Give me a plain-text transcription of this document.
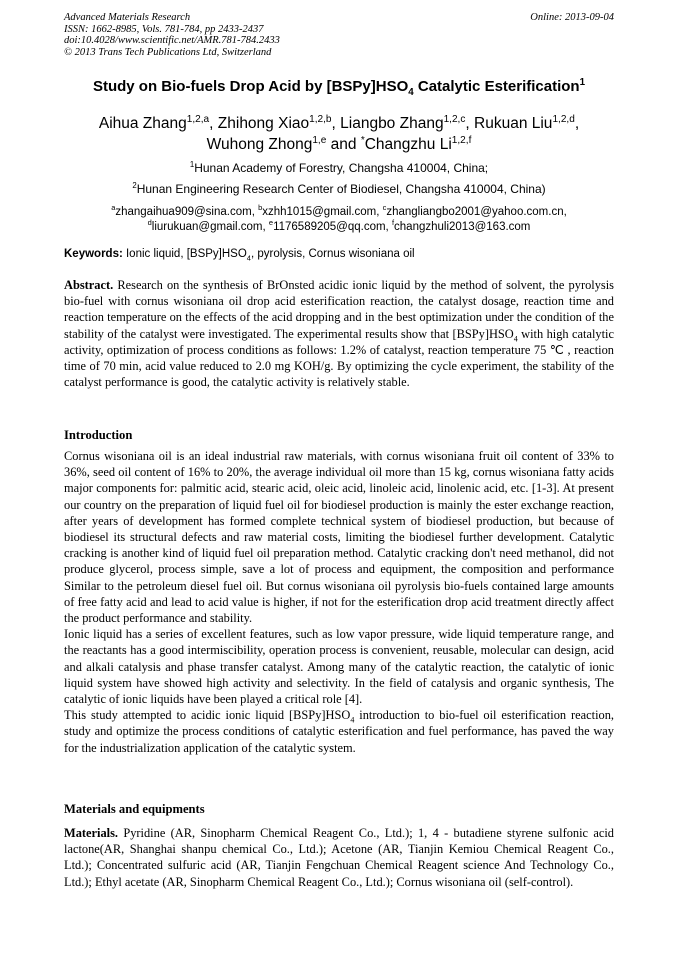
Advanced Materials Research
ISSN: 1662-8985, Vols. 781-784, pp 2433-2437
doi:10.4028/www.scientific.net/AMR.781-784.2433
© 2013 Trans Tech Publications Ltd, Switzerland
Online: 2013-09-04
Study on Bio-fuels Drop Acid by $[BSPy]HSO_4$ Catalytic Esterification$^1$
Aihua Zhang$^{1,2,a}$, Zhihong Xiao$^{1,2,b}$, Liangbo Zhang$^{1,2,c}$, Rukuan Liu$^{1,2,d}$,
Wuhong Zhong$^{1,e}$ and *Changzhu Li$^{1,2,f}$
$^1$Hunan Academy of Forestry, Changsha 410004, China;
$^2$Hunan Engineering Research Center of Biodiesel, Changsha 410004, China)
$^a$zhangaihua909@sina.com, $^b$xzhh1015@gmail.com, $^c$zhangliangbo2001@yahoo.com.cn,
$^d$liurukuan@gmail.com, $^e$1176589205@qq.com, $^f$changzhuli2013@163.com
Keywords: Ionic liquid, $[BSPy]HSO_4$, pyrolysis, Cornus wisoniana oil

Abstract. Research on the synthesis of BrOnsted acidic ionic liquid by the method of solvent, the pyrolysis bio-fuel with cornus wisoniana oil drop acid esterification reaction, the catalyst dosage, reaction time and reaction temperature on the effects of the acid dropping and in the best optimization under the condition of the stability of the catalyst were investigated. The experimental results show that $[BSPy]HSO_4$ with high catalytic activity, optimization of process conditions as follows: 1.2% of catalyst, reaction temperature 75 ℃ , reaction time of 70 min, acid value reduced to 2.0 mg KOH/g. By optimizing the cycle experiment, the stability of the catalyst performance is good, the catalytic activity is relatively stable.

Introduction

Cornus wisoniana oil is an ideal industrial raw materials, with cornus wisoniana fruit oil content of 33% to 36%, seed oil content of 16% to 20%, the average individual oil more than 15 kg, cornus wisoniana fatty acids major components for: palmitic acid, stearic acid, oleic acid, linoleic acid, linolenic acid, etc. [1-3]. At present our country on the preparation of liquid fuel oil for biodiesel production is mainly the ester exchange reaction, after years of development has formed complete technical system of biodiesel production, but because of biodiesel its structural defects and raw material costs, limiting the biodiesel further development. Catalytic cracking is another kind of liquid fuel oil preparation method. Catalytic cracking don't need methanol, did not produce glycerol, process simple, save a lot of process and equipment, the composition and performance Similar to the petroleum diesel fuel oil. But cornus wisoniana oil pyrolysis bio-fuels contained large amounts of free fatty acid and lead to acid value is higher, if not for the esterification drop acid treatment directly affect the product performance and stability.

Ionic liquid has a series of excellent features, such as low vapor pressure, wide liquid temperature range, and the reactants has a good intermiscibility, operation process is convenient, reusable, molecular can design, acid and alkali catalysis and phase transfer catalyst. Among many of the catalytic reaction, the catalytic of ionic liquid system have showed high activity and selectivity. In the field of catalysis and organic synthesis, The catalytic of ionic liquids have been played a critical role [4].

This study attempted to acidic ionic liquid $[BSPy]HSO_4$ introduction to bio-fuel oil esterification reaction, study and optimize the process conditions of catalytic esterification and fuel performance, has paved the way for the industrialization application of the catalytic system.

Materials and equipments

Materials. Pyridine (AR, Sinopharm Chemical Reagent Co., Ltd.); 1, 4 - butadiene styrene sulfonic acid lactone(AR, Shanghai shanpu chemical Co., Ltd.); Acetone (AR, Tianjin Kemiou Chemical Reagent Co., Ltd.); Concentrated sulfuric acid (AR, Tianjin Fengchuan Chemical Reagent science And Technology Co., Ltd.); Ethyl acetate (AR, Sinopharm Chemical Reagent Co., Ltd.); Cornus wisoniana oil (self-control).
